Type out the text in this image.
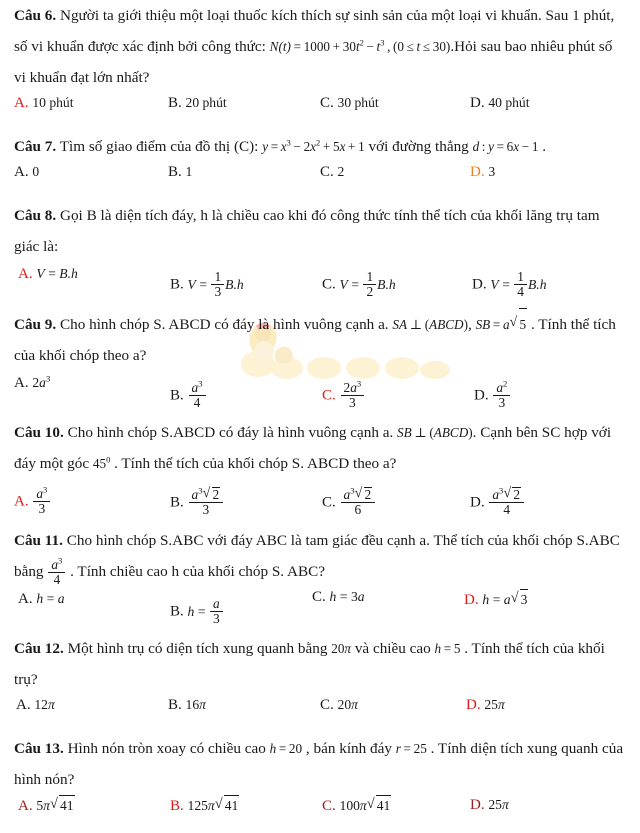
Câu 6. Người ta giới thiệu một loại thuốc kích thích sự sinh sản của một loại vi khuẩn. Sau 1 phút, số vi khuẩn được xác định bởi công thức: $N(t) = 1000 + 30t^2 - t^3$ , (0 ≤ t ≤ 30).Hỏi sau bao nhiêu phút số vi khuẩn đạt lớn nhất?
A. 10 phút	B. 20 phút	C. 30 phút	D. 40 phút
Câu 7. Tìm số giao điểm của đồ thị (C): $y = x^3 - 2x^2 + 5x + 1$ với đường thẳng d : y = 6x − 1 .
A. 0	B. 1	C. 2	D. 3
Câu 8. Gọi B là diện tích đáy, h là chiều cao khi đó công thức tính thể tích của khối lăng trụ tam giác là:
A. V = B.h
B. $V = \frac{1}{3} B.h$	C. $V = \frac{1}{2} B.h$	D. $V = \frac{1}{4} B.h$
Câu 9. Cho hình chóp S. ABCD có đáy là hình vuông cạnh a. SA ⊥ (ABCD), SB = a √ 5 . Tính thể tích của khối chóp theo a?
A. $2a^3$
B. $\frac{a^3}{4}$	C. $\frac{2a^3}{3}$	D. $\frac{a^2}{3}$
Câu 10. Cho hình chóp S.ABCD có đáy là hình vuông cạnh a. SB ⊥ (ABCD). Cạnh bên SC hợp với đáy một góc $45^0$ . Tính thể tích của khối chóp S. ABCD theo a?
A. $\frac{a^3}{3}$	B. $\frac{a^3 √ 2}{3}$	C. $\frac{a^3 √ 2}{6}$	D. $\frac{a^3 √ 2}{4}$
Câu 11. Cho hình chóp S.ABC với đáy ABC là tam giác đều cạnh a. Thể tích của khối chóp S.ABC bằng $\frac{a^3}{4}$ . Tính chiều cao h của khối chóp S. ABC?
A. h = a
B. $h = \frac{a}{3}$	C. h = 3a	D. h = a √ 3
Câu 12. Một hình trụ có diện tích xung quanh bằng 20π và chiều cao h = 5 . Tính thể tích của khối trụ?
A. 12π	B. 16π	C. 20π	D. 25π
Câu 13. Hình nón tròn xoay có chiều cao h = 20 , bán kính đáy r = 25 . Tính diện tích xung quanh của hình nón?
A. 5π √ 41	B. 125π √ 41	C. 100π √ 41	D. 25π
